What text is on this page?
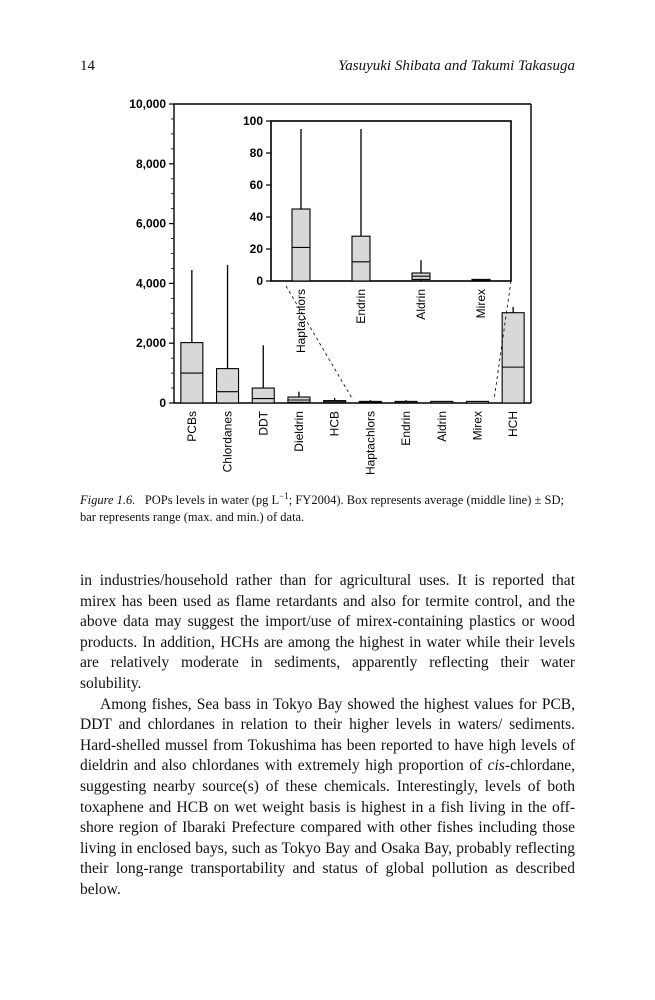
14	Yasuyuki Shibata and Takumi Takasuga
0
2,000
4,000
6,000
8,000
10,000
PCBs Chlordanes DDT Dieldrin HCB Haptachlors Endrin Aldrin Mirex HCH
0
20
40
60
80
100
Haptachlors	Endrin	Aldrin	Mirex
Figure 1.6. POPs levels in water (pg $L^{-1}$; FY2004). Box represents average (middle line) ± SD; bar represents range (max. and min.) of data.

in industries/household rather than for agricultural uses. It is reported that mirex has been used as flame retardants and also for termite control, and the above data may suggest the import/use of mirex-containing plastics or wood products. In addition, HCHs are among the highest in water while their levels are relatively moderate in sediments, apparently reflecting their water solubility.

Among fishes, Sea bass in Tokyo Bay showed the highest values for PCB, DDT and chlordanes in relation to their higher levels in waters/ sediments. Hard-shelled mussel from Tokushima has been reported to have high levels of dieldrin and also chlordanes with extremely high proportion of cis-chlordane, suggesting nearby source(s) of these chemicals. Interestingly, levels of both toxaphene and HCB on wet weight basis is highest in a fish living in the off-shore region of Ibaraki Prefecture compared with other fishes including those living in enclosed bays, such as Tokyo Bay and Osaka Bay, probably reflecting their long-range transportability and status of global pollution as described below.
